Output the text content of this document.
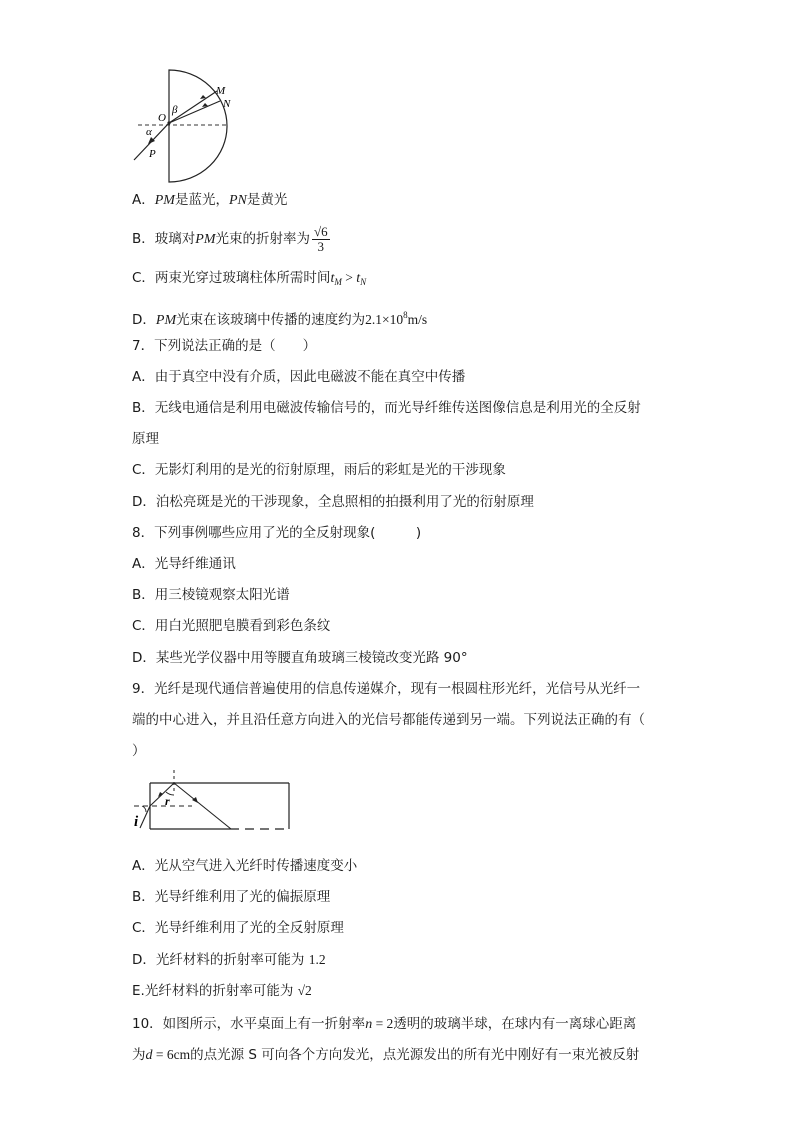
O
β
M
N
α
P
A．PM是蓝光，PN是黄光
B．玻璃对PM光束的折射率为 $\frac{√6}{3}$
C．两束光穿过玻璃柱体所需时间$t_M > t_N$
D．PM光束在该玻璃中传播的速度约为$2.1\times 10^8m/s$
7．下列说法正确的是（　　）
A．由于真空中没有介质，因此电磁波不能在真空中传播
B．无线电通信是利用电磁波传输信号的，而光导纤维传送图像信息是利用光的全反射
原理
C．无影灯利用的是光的衍射原理，雨后的彩虹是光的干涉现象
D．泊松亮斑是光的干涉现象，全息照相的拍摄利用了光的衍射原理
8．下列事例哪些应用了光的全反射现象(　　　)
A．光导纤维通讯
B．用三棱镜观察太阳光谱
C．用白光照肥皂膜看到彩色条纹
D．某些光学仪器中用等腰直角玻璃三棱镜改变光路 90°
9．光纤是现代通信普遍使用的信息传递媒介，现有一根圆柱形光纤，光信号从光纤一
端的中心进入，并且沿任意方向进入的光信号都能传递到另一端。下列说法正确的有（
）
r
i
A．光从空气进入光纤时传播速度变小
B．光导纤维利用了光的偏振原理
C．光导纤维利用了光的全反射原理
D．光纤材料的折射率可能为 1.2
E.光纤材料的折射率可能为 √2
10．如图所示，水平桌面上有一折射率n = 2透明的玻璃半球，在球内有一离球心距离
为d = 6cm的点光源 S 可向各个方向发光，点光源发出的所有光中刚好有一束光被反射
